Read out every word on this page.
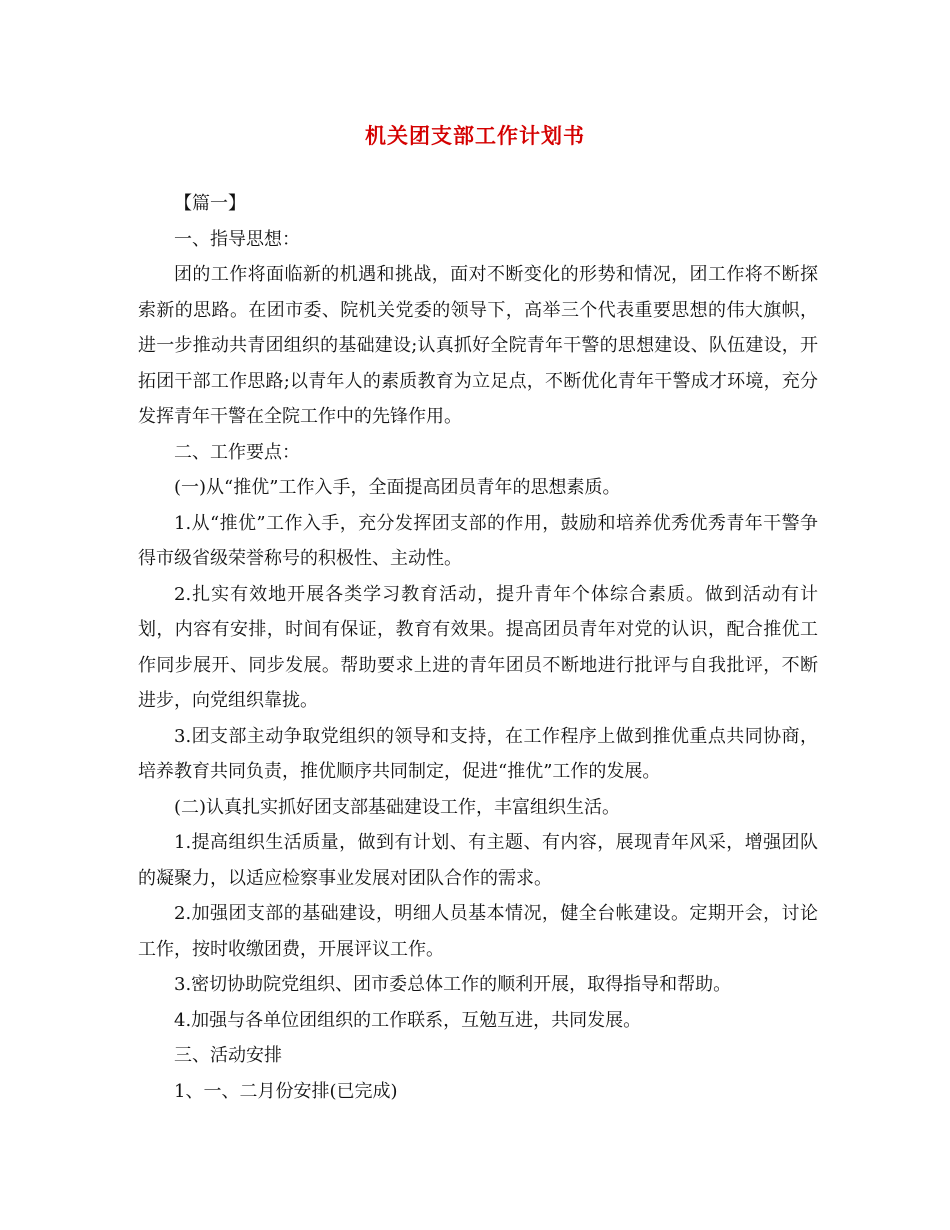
机关团支部工作计划书

【篇一】

一、指导思想：

团的工作将面临新的机遇和挑战，面对不断变化的形势和情况，团工作将不断探索新的思路。在团市委、院机关党委的领导下，高举三个代表重要思想的伟大旗帜，进一步推动共青团组织的基础建设;认真抓好全院青年干警的思想建设、队伍建设，开拓团干部工作思路;以青年人的素质教育为立足点，不断优化青年干警成才环境，充分发挥青年干警在全院工作中的先锋作用。

二、工作要点：

(一)从“推优”工作入手，全面提高团员青年的思想素质。

1.从“推优”工作入手，充分发挥团支部的作用，鼓励和培养优秀优秀青年干警争得市级省级荣誉称号的积极性、主动性。

2.扎实有效地开展各类学习教育活动，提升青年个体综合素质。做到活动有计划，内容有安排，时间有保证，教育有效果。提高团员青年对党的认识，配合推优工作同步展开、同步发展。帮助要求上进的青年团员不断地进行批评与自我批评，不断进步，向党组织靠拢。

3.团支部主动争取党组织的领导和支持，在工作程序上做到推优重点共同协商，培养教育共同负责，推优顺序共同制定，促进“推优”工作的发展。

(二)认真扎实抓好团支部基础建设工作，丰富组织生活。

1.提高组织生活质量，做到有计划、有主题、有内容，展现青年风采，增强团队的凝聚力，以适应检察事业发展对团队合作的需求。

2.加强团支部的基础建设，明细人员基本情况，健全台帐建设。定期开会，讨论工作，按时收缴团费，开展评议工作。

3.密切协助院党组织、团市委总体工作的顺利开展，取得指导和帮助。

4.加强与各单位团组织的工作联系，互勉互进，共同发展。

三、活动安排

1、一、二月份安排(已完成)
